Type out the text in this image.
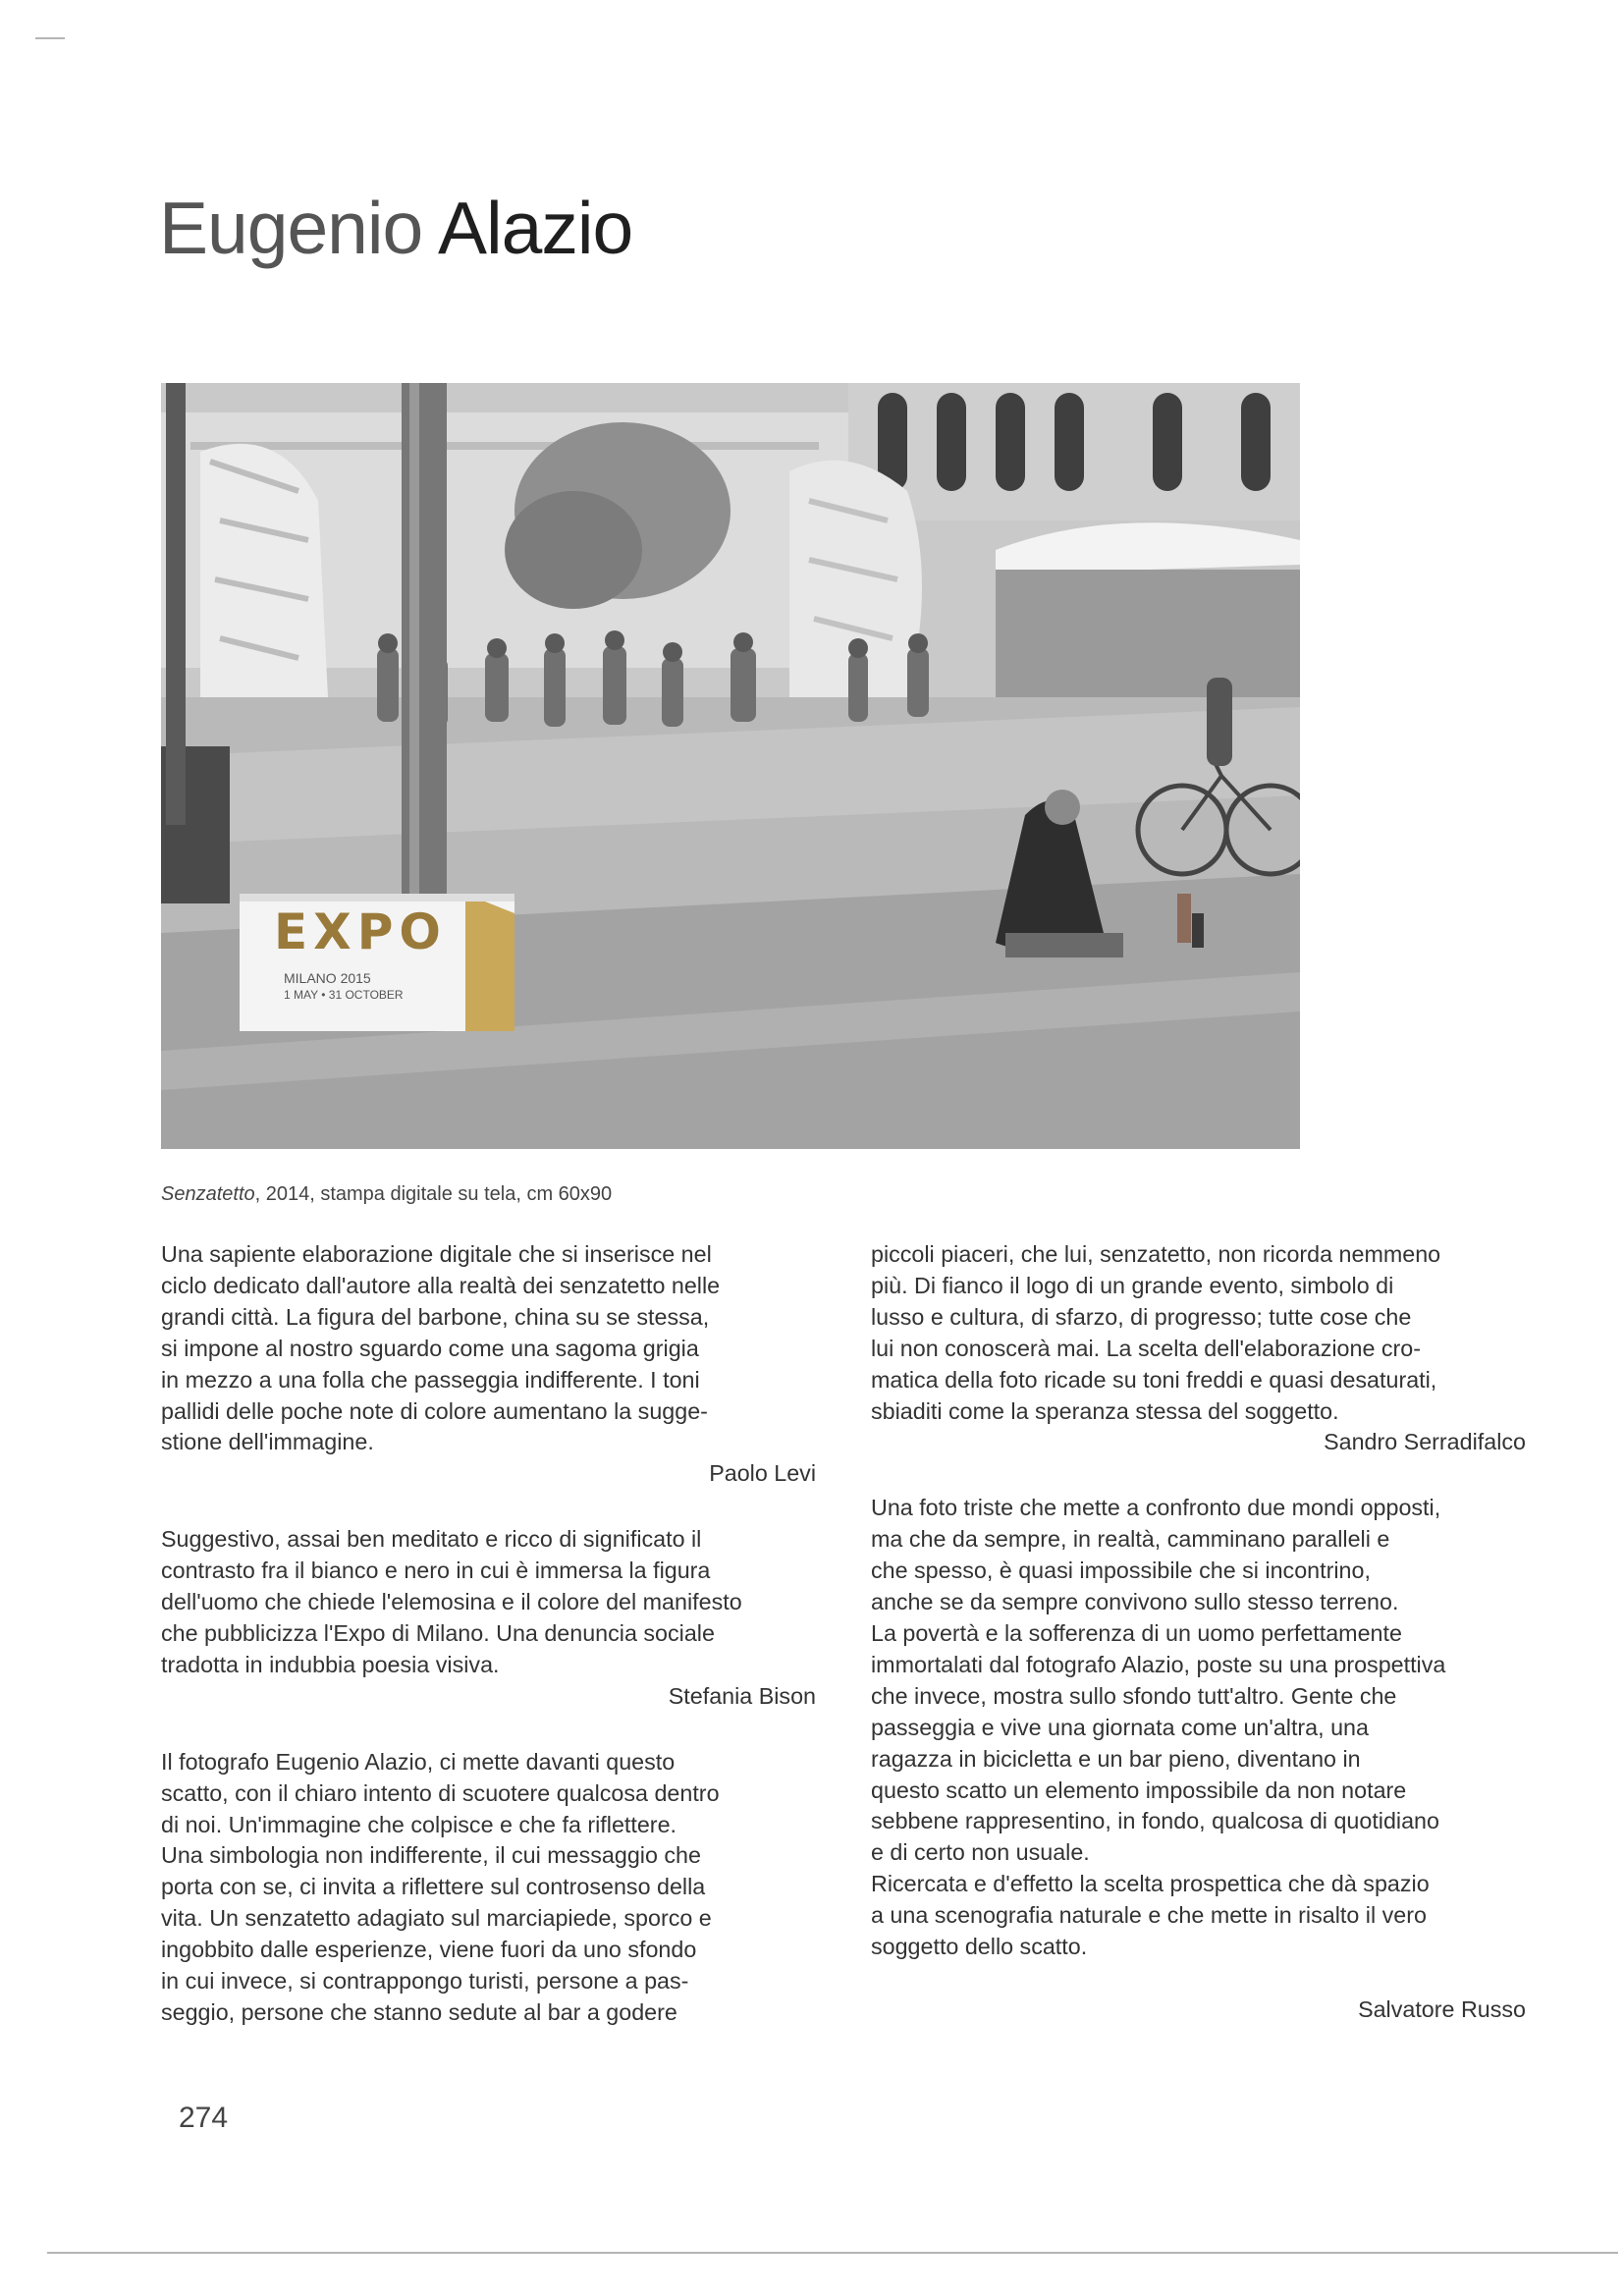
Eugenio Alazio
EXPO
MILANO 2015
1 MAY • 31 OCTOBER
Senzatetto, 2014, stampa digitale su tela, cm 60x90

Una sapiente elaborazione digitale che si inserisce nel

ciclo dedicato dall'autore alla realtà dei senzatetto nelle

grandi città. La figura del barbone, china su se stessa,

si impone al nostro sguardo come una sagoma grigia

in mezzo a una folla che passeggia indifferente. I toni

pallidi delle poche note di colore aumentano la sugge-

stione dell'immagine.

Paolo Levi

Suggestivo, assai ben meditato e ricco di significato il

contrasto fra il bianco e nero in cui è immersa la figura

dell'uomo che chiede l'elemosina e il colore del manifesto

che pubblicizza l'Expo di Milano. Una denuncia sociale

tradotta in indubbia poesia visiva.

Stefania Bison

Il fotografo Eugenio Alazio, ci mette davanti questo

scatto, con il chiaro intento di scuotere qualcosa dentro

di noi. Un'immagine che colpisce e che fa riflettere.

Una simbologia non indifferente, il cui messaggio che

porta con se, ci invita a riflettere sul controsenso della

vita. Un senzatetto adagiato sul marciapiede, sporco e

ingobbito dalle esperienze, viene fuori da uno sfondo

in cui invece, si contrappongo turisti, persone a pas-

seggio, persone che stanno sedute al bar a godere

piccoli piaceri, che lui, senzatetto, non ricorda nemmeno

più. Di fianco il logo di un grande evento, simbolo di

lusso e cultura, di sfarzo, di progresso; tutte cose che

lui non conoscerà mai. La scelta dell'elaborazione cro-

matica della foto ricade su toni freddi e quasi desaturati,

sbiaditi come la speranza stessa del soggetto.

Sandro Serradifalco

Una foto triste che mette a confronto due mondi opposti,

ma che da sempre, in realtà, camminano paralleli e

che spesso, è quasi impossibile che si incontrino,

anche se da sempre convivono sullo stesso terreno.

La povertà e la sofferenza di un uomo perfettamente

immortalati dal fotografo Alazio, poste su una prospettiva

che invece, mostra sullo sfondo tutt'altro. Gente che

passeggia e vive una giornata come un'altra, una

ragazza in bicicletta e un bar pieno, diventano in

questo scatto un elemento impossibile da non notare

sebbene rappresentino, in fondo, qualcosa di quotidiano

e di certo non usuale.

Ricercata e d'effetto la scelta prospettica che dà spazio

a una scenografia naturale e che mette in risalto il vero

soggetto dello scatto.

Salvatore Russo

274
